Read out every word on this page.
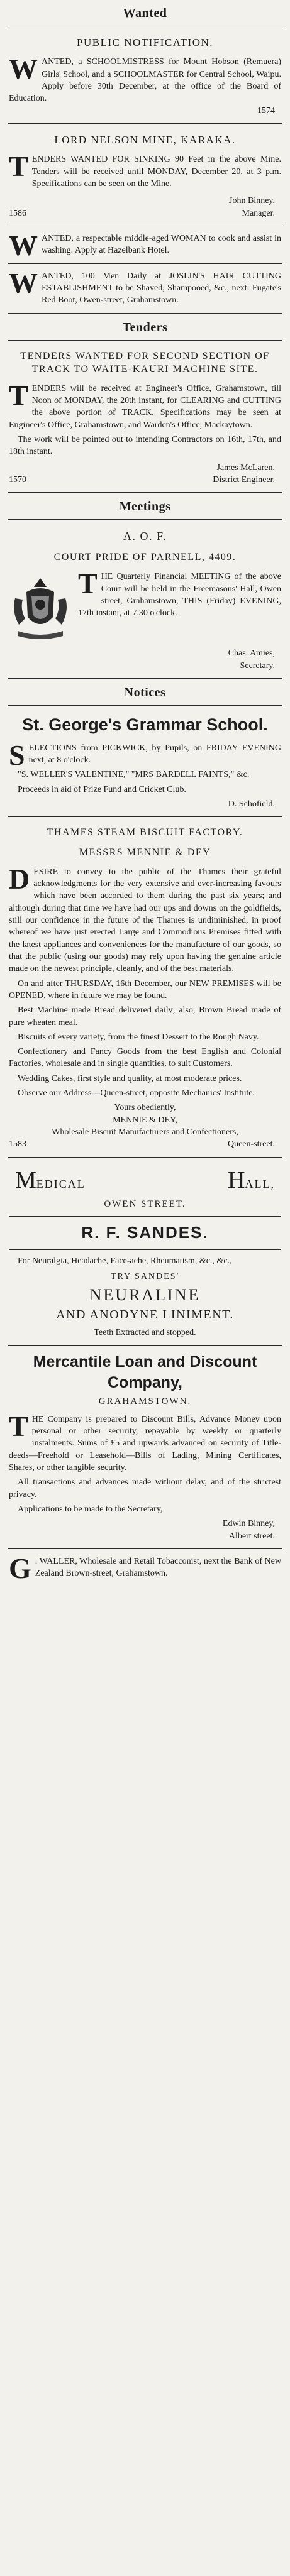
Wanted
PUBLIC NOTIFICATION.
W ANTED, a SCHOOLMISTRESS for Mount Hobson (Remuera) Girls' School, and a SCHOOLMASTER for Central School, Waipu. Apply before 30th December, at the office of the Board of Education.
1574
LORD NELSON MINE, KARAKA.
T ENDERS WANTED FOR SINKING 90 Feet in the above Mine. Tenders will be received until MONDAY, December 20, at 3 p.m. Specifications can be seen on the Mine.
John Binney,
1586	Manager.
W ANTED, a respectable middle-aged WOMAN to cook and assist in washing. Apply at Hazelbank Hotel.
W ANTED, 100 Men Daily at JOSLIN'S HAIR CUTTING ESTABLISHMENT to be Shaved, Shampooed, &c., next: Fugate's Red Boot, Owen-street, Grahamstown.
Tenders
TENDERS WANTED FOR SECOND SECTION OF TRACK TO WAITE-KAURI MACHINE SITE.
T ENDERS will be received at Engineer's Office, Grahamstown, till Noon of MONDAY, the 20th instant, for CLEARING and CUTTING the above portion of TRACK. Specifications may be seen at Engineer's Office, Grahamstown, and Warden's Office, Mackaytown.
The work will be pointed out to intending Contractors on 16th, 17th, and 18th instant.
James McLaren,
1570	District Engineer.
Meetings
A. O. F.
COURT PRIDE OF PARNELL, 4409.
T HE Quarterly Financial MEETING of the above Court will be held in the Freemasons' Hall, Owen street, Grahamstown, THIS (Friday) EVENING, 17th instant, at 7.30 o'clock.
Chas. Amies,
Secretary.
Notices
St. George's Grammar School.
S ELECTIONS from PICKWICK, by Pupils, on FRIDAY EVENING next, at 8 o'clock.
"S. WELLER'S VALENTINE," "MRS BARDELL FAINTS," &c.
Proceeds in aid of Prize Fund and Cricket Club.
D. Schofield.
THAMES STEAM BISCUIT FACTORY.
MESSRS MENNIE & DEY
D ESIRE to convey to the public of the Thames their grateful acknowledgments for the very extensive and ever-increasing favours which have been accorded to them during the past six years; and although during that time we have had our ups and downs on the goldfields, still our confidence in the future of the Thames is undiminished, in proof whereof we have just erected Large and Commodious Premises fitted with the latest appliances and conveniences for the manufacture of our goods, so that the public (using our goods) may rely upon having the genuine article made on the newest principle, cleanly, and of the best materials.
On and after THURSDAY, 16th December, our NEW PREMISES will be OPENED, where in future we may be found.
Best Machine made Bread delivered daily; also, Brown Bread made of pure wheaten meal.
Biscuits of every variety, from the finest Dessert to the Rough Navy.
Confectionery and Fancy Goods from the best English and Colonial Factories, wholesale and in single quantities, to suit Customers.
Wedding Cakes, first style and quality, at most moderate prices.
Observe our Address—Queen-street, opposite Mechanics' Institute.
Yours obediently,
MENNIE & DEY,
Wholesale Biscuit Manufacturers and Confectioners,
1583	Queen-street.
MEDICAL	HALL,
OWEN STREET.
R. F. SANDES.
For Neuralgia, Headache, Face-ache, Rheumatism, &c., &c.,
TRY SANDES'
NEURALINE
AND ANODYNE LINIMENT.
Teeth Extracted and stopped.
Mercantile Loan and Discount Company,
GRAHAMSTOWN.
T HE Company is prepared to Discount Bills, Advance Money upon personal or other security, repayable by weekly or quarterly instalments. Sums of £5 and upwards advanced on security of Title-deeds—Freehold or Leasehold—Bills of Lading, Mining Certificates, Shares, or other tangible security.
All transactions and advances made without delay, and of the strictest privacy.
Applications to be made to the Secretary,
Edwin Binney,
Albert street.
G . WALLER, Wholesale and Retail Tobacconist, next the Bank of New Zealand Brown-street, Grahamstown.
